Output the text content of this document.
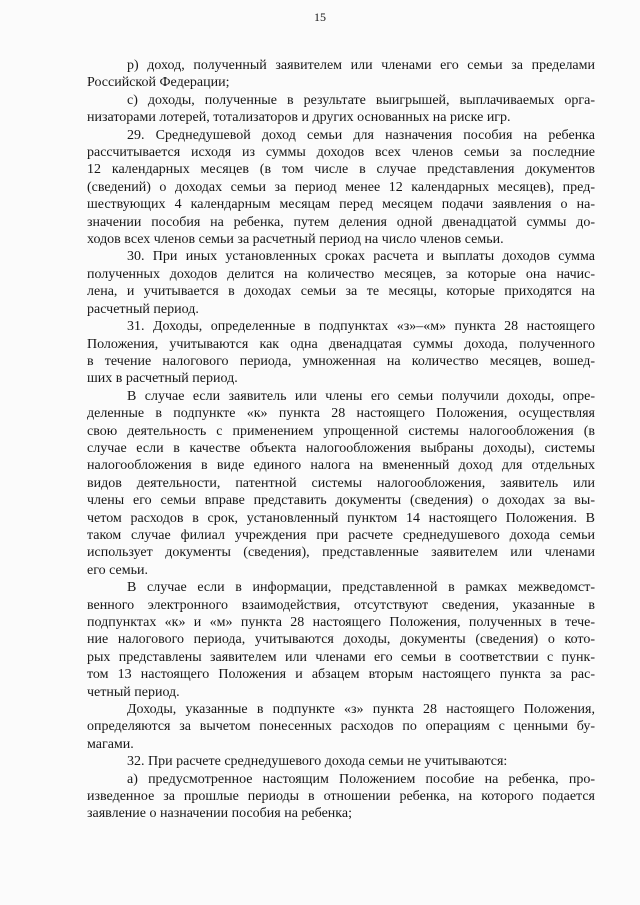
15
р) доход, полученный заявителем или членами его семьи за пределами
Российской Федерации;
с) доходы, полученные в результате выигрышей, выплачиваемых орга-
низаторами лотерей, тотализаторов и других основанных на риске игр.
29. Среднедушевой доход семьи для назначения пособия на ребенка
рассчитывается исходя из суммы доходов всех членов семьи за последние
12 календарных месяцев (в том числе в случае представления документов
(сведений) о доходах семьи за период менее 12 календарных месяцев), пред-
шествующих 4 календарным месяцам перед месяцем подачи заявления о на-
значении пособия на ребенка, путем деления одной двенадцатой суммы до-
ходов всех членов семьи за расчетный период на число членов семьи.
30. При иных установленных сроках расчета и выплаты доходов сумма
полученных доходов делится на количество месяцев, за которые она начис-
лена, и учитывается в доходах семьи за те месяцы, которые приходятся на
расчетный период.
31. Доходы, определенные в подпунктах «з»–«м» пункта 28 настоящего
Положения, учитываются как одна двенадцатая суммы дохода, полученного
в течение налогового периода, умноженная на количество месяцев, вошед-
ших в расчетный период.
В случае если заявитель или члены его семьи получили доходы, опре-
деленные в подпункте «к» пункта 28 настоящего Положения, осуществляя
свою деятельность с применением упрощенной системы налогообложения (в
случае если в качестве объекта налогообложения выбраны доходы), системы
налогообложения в виде единого налога на вмененный доход для отдельных
видов деятельности, патентной системы налогообложения, заявитель или
члены его семьи вправе представить документы (сведения) о доходах за вы-
четом расходов в срок, установленный пунктом 14 настоящего Положения. В
таком случае филиал учреждения при расчете среднедушевого дохода семьи
использует документы (сведения), представленные заявителем или членами
его семьи.
В случае если в информации, представленной в рамках межведомст-
венного электронного взаимодействия, отсутствуют сведения, указанные в
подпунктах «к» и «м» пункта 28 настоящего Положения, полученных в тече-
ние налогового периода, учитываются доходы, документы (сведения) о кото-
рых представлены заявителем или членами его семьи в соответствии с пунк-
том 13 настоящего Положения и абзацем вторым настоящего пункта за рас-
четный период.
Доходы, указанные в подпункте «з» пункта 28 настоящего Положения,
определяются за вычетом понесенных расходов по операциям с ценными бу-
магами.
32. При расчете среднедушевого дохода семьи не учитываются:
а) предусмотренное настоящим Положением пособие на ребенка, про-
изведенное за прошлые периоды в отношении ребенка, на которого подается
заявление о назначении пособия на ребенка;
